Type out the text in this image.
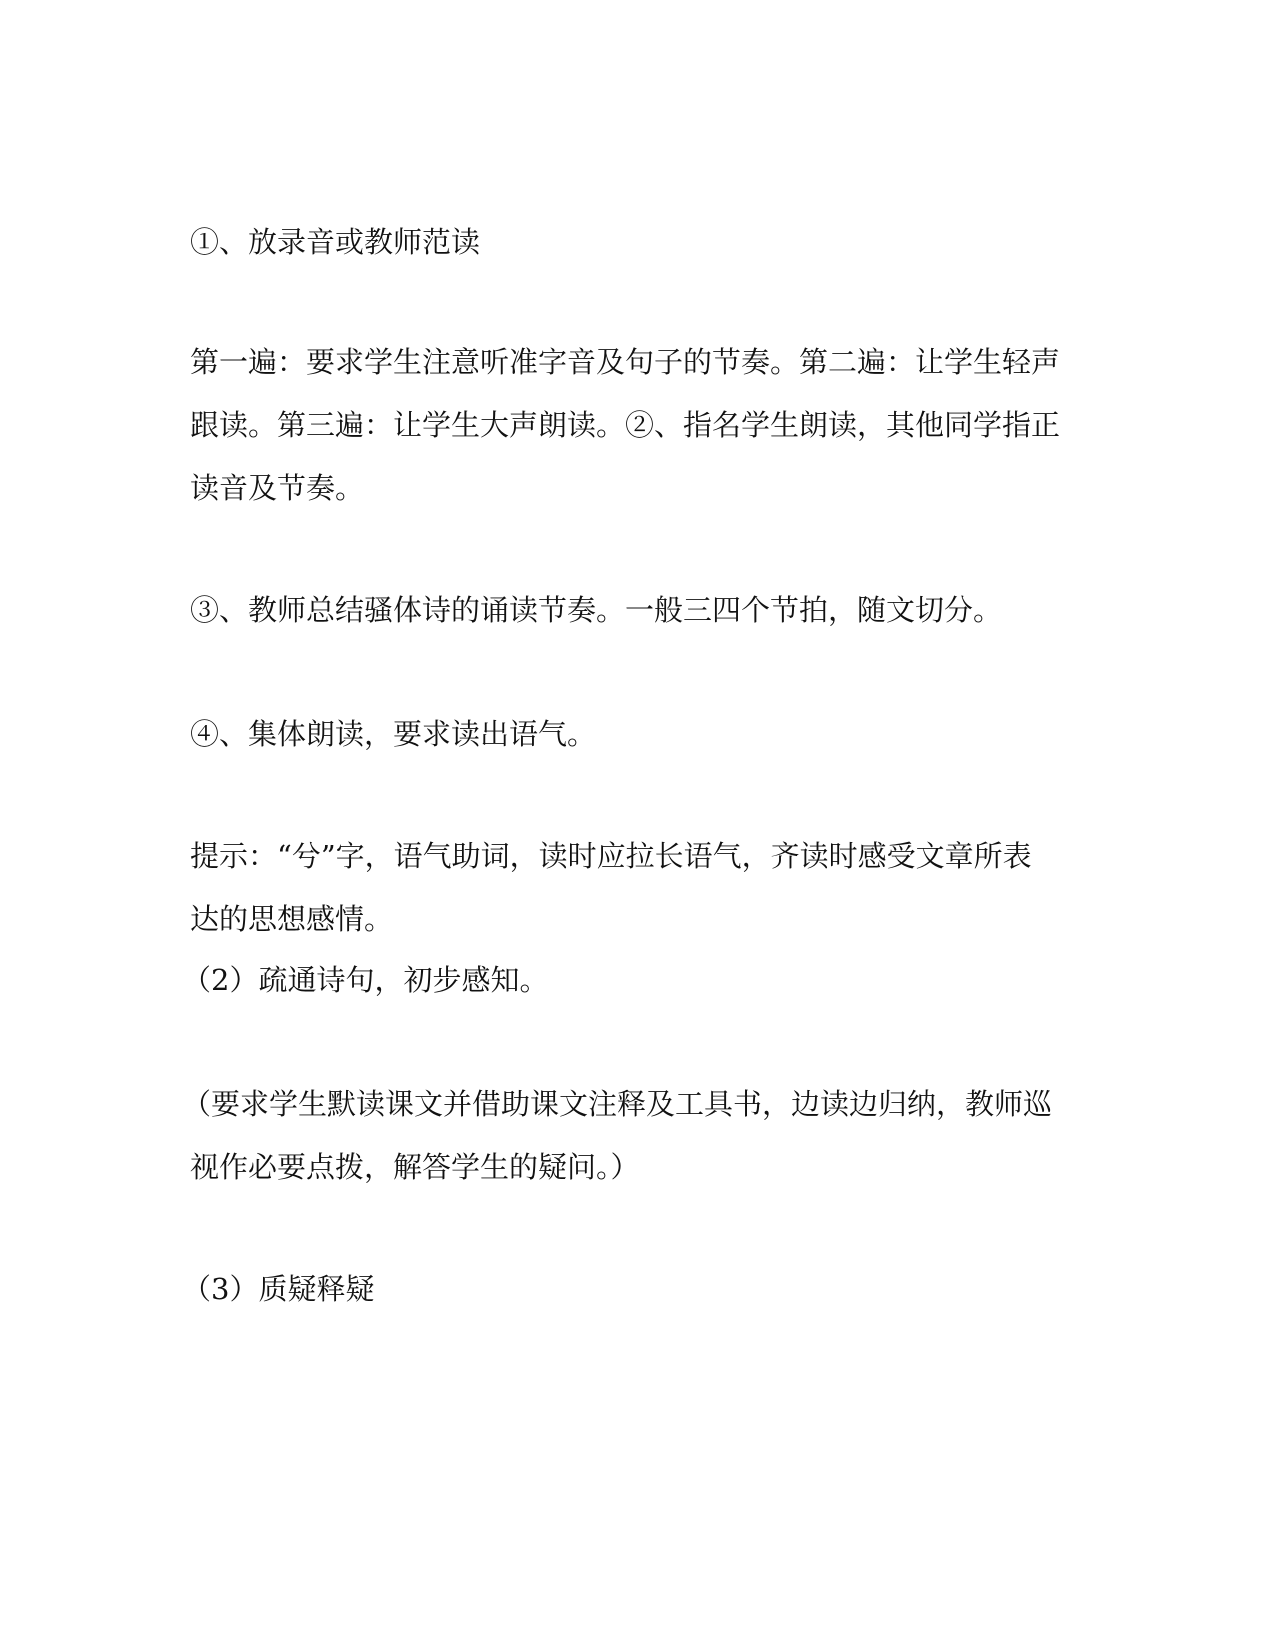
①、放录音或教师范读
第一遍：要求学生注意听准字音及句子的节奏。第二遍：让学生轻声
跟读。第三遍：让学生大声朗读。②、指名学生朗读，其他同学指正
读音及节奏。
③、教师总结骚体诗的诵读节奏。一般三四个节拍，随文切分。
④、集体朗读，要求读出语气。
提示：“兮”字，语气助词，读时应拉长语气，齐读时感受文章所表
达的思想感情。
（2）疏通诗句，初步感知。
（要求学生默读课文并借助课文注释及工具书，边读边归纳，教师巡
视作必要点拨，解答学生的疑问。）
（3）质疑释疑
